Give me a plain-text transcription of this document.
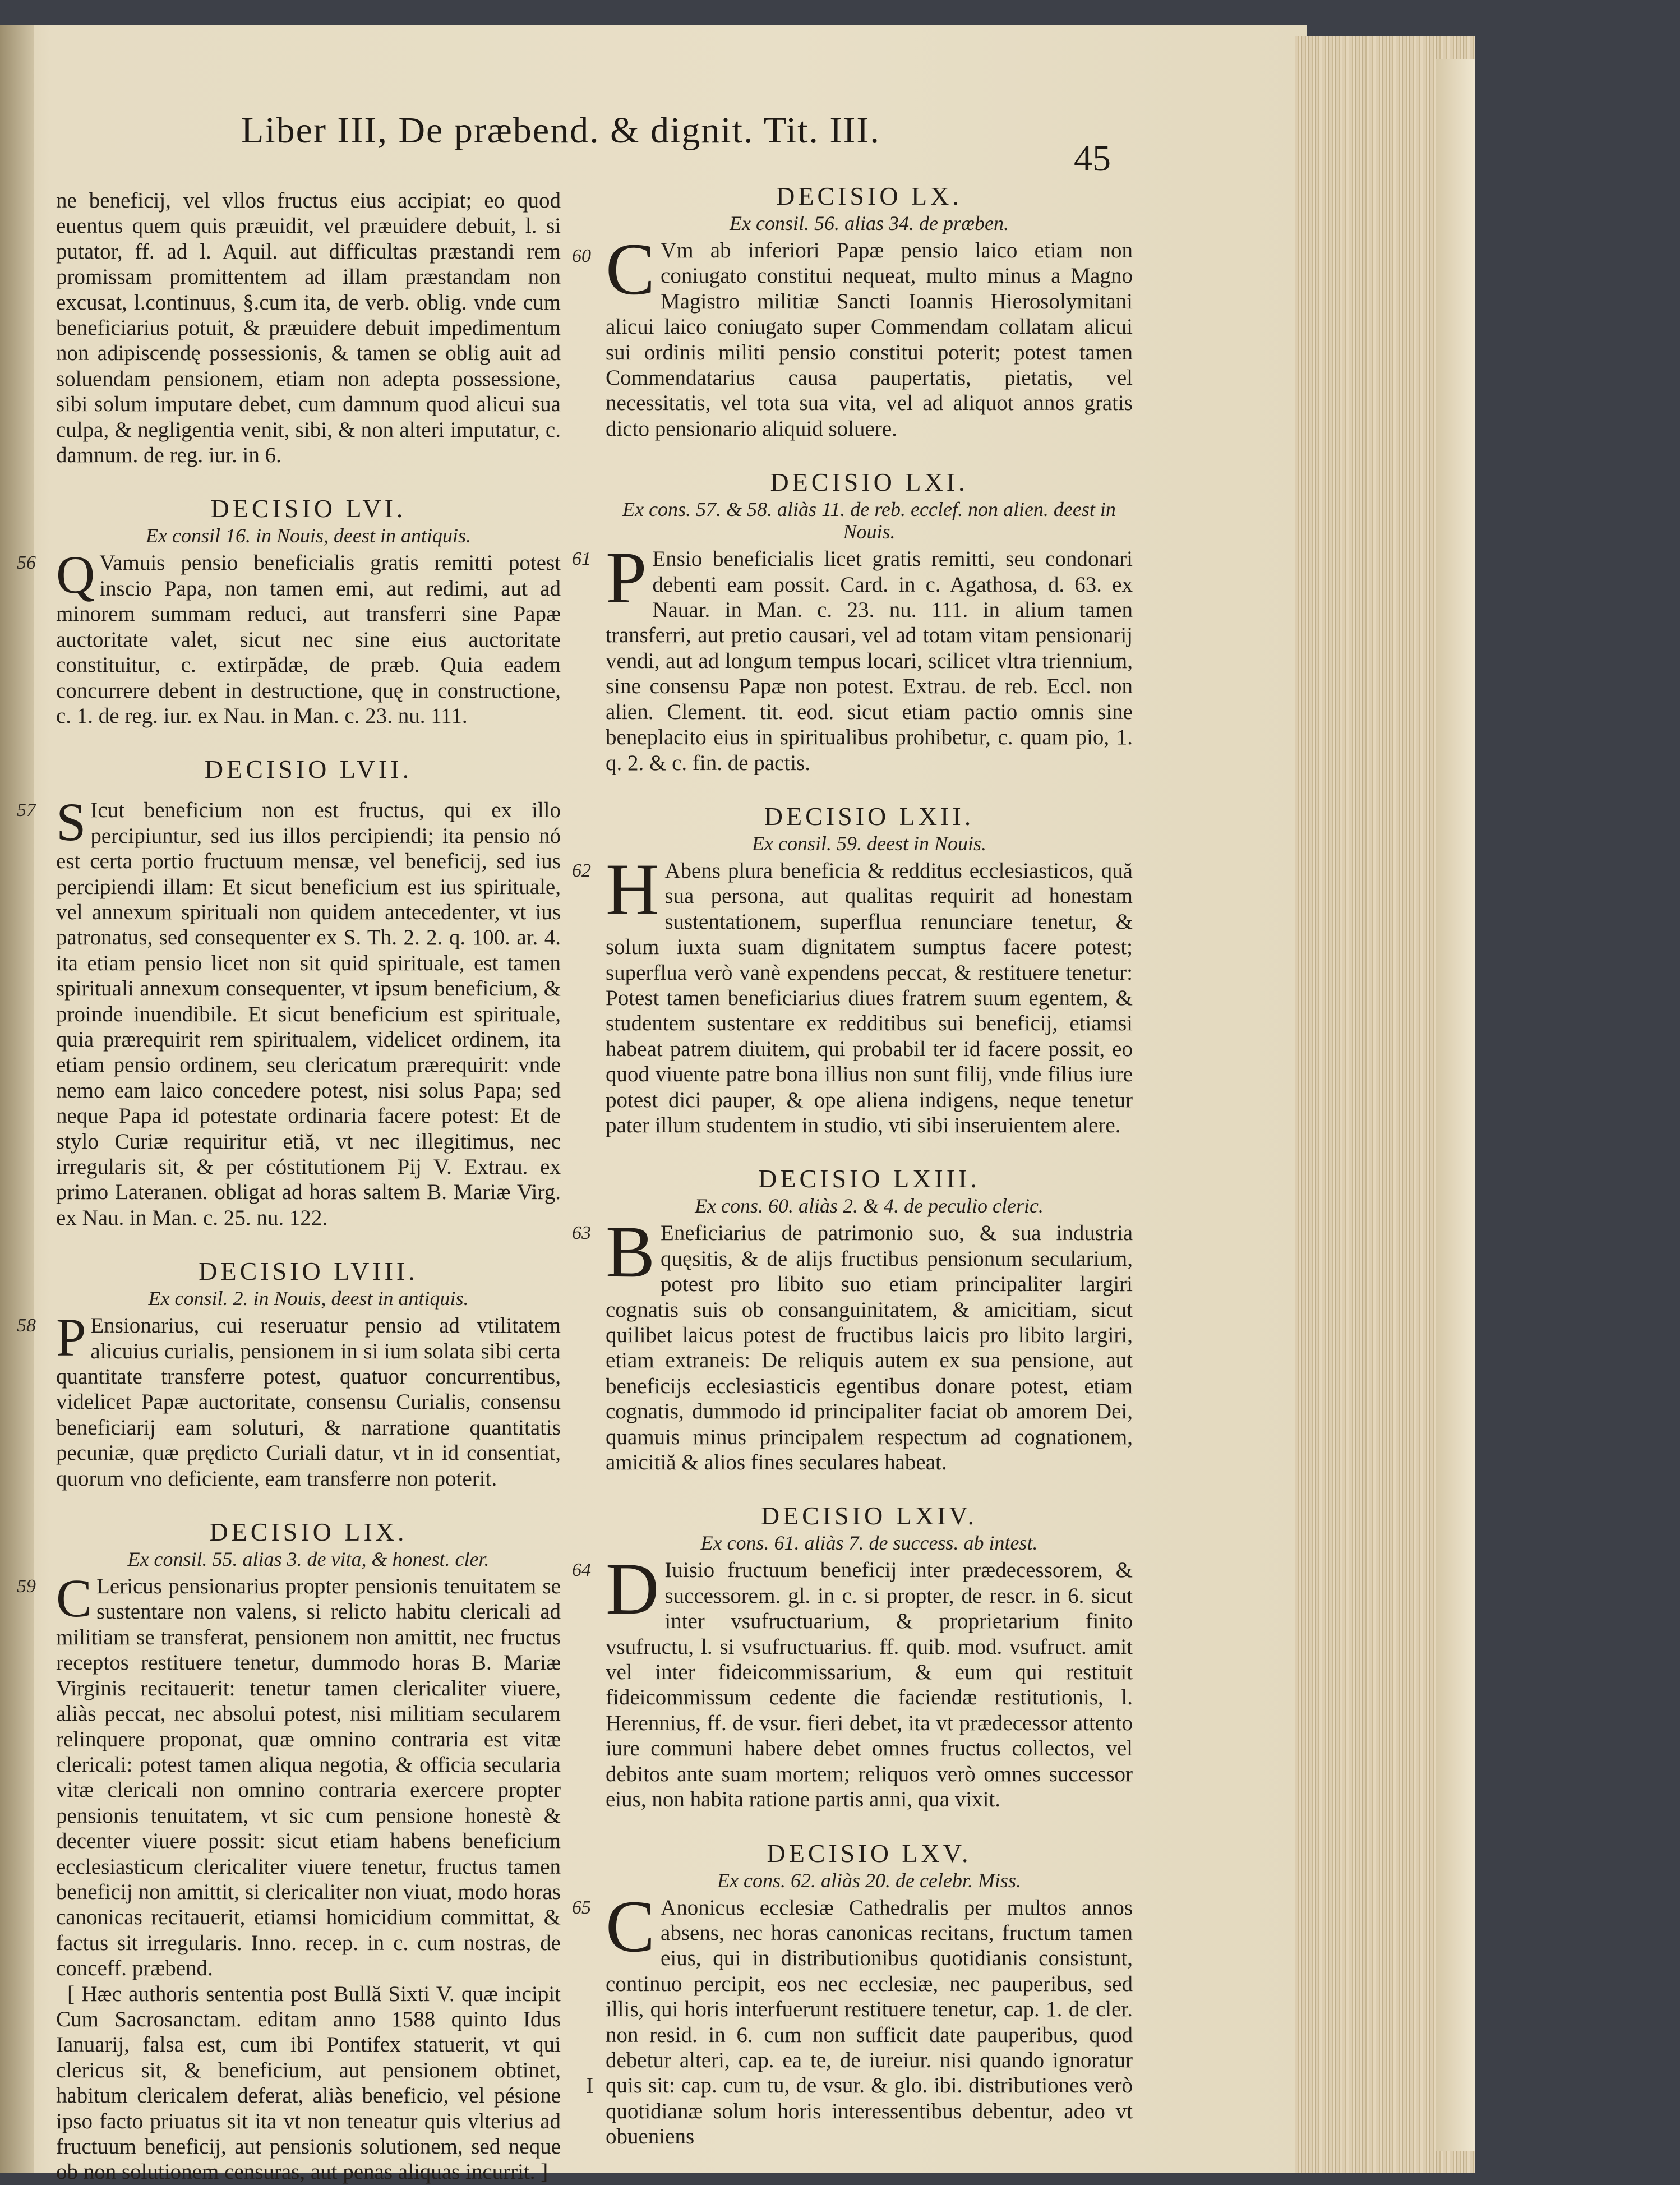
Liber III, De præbend. & dignit. Tit. III.
45

ne beneficij, vel vllos fructus eius accipiat; eo quod euentus quem quis præuidit, vel præuidere debuit, l. si putator, ff. ad l. Aquil. aut difficultas præstandi rem promissam promittentem ad illam præstandam non excusat, l.continuus, §.cum ita, de verb. oblig. vnde cum beneficiarius potuit, & præuidere debuit impedimentum non adipiscendę possessionis, & tamen se oblig auit ad soluendam pensionem, etiam non adepta possessione, sibi solum imputare debet, cum damnum quod alicui sua culpa, & negligentia venit, sibi, & non alteri imputatur, c. damnum. de reg. iur. in 6.

DECISIO LVI.
Ex consil 16. in Nouis, deest in antiquis.

56 Q Vamuis pensio beneficialis gratis remitti potest inscio Papa, non tamen emi, aut redimi, aut ad minorem summam reduci, aut transferri sine Papæ auctoritate valet, sicut nec sine eius auctoritate constituitur, c. extirpădæ, de præb. Quia eadem concurrere debent in destructione, quę in constructione, c. 1. de reg. iur. ex Nau. in Man. c. 23. nu. 111.

DECISIO LVII.

57 S Icut beneficium non est fructus, qui ex illo percipiuntur, sed ius illos percipiendi; ita pensio nó est certa portio fructuum mensæ, vel beneficij, sed ius percipiendi illam: Et sicut beneficium est ius spirituale, vel annexum spirituali non quidem antecedenter, vt ius patronatus, sed consequenter ex S. Th. 2. 2. q. 100. ar. 4. ita etiam pensio licet non sit quid spirituale, est tamen spirituali annexum consequenter, vt ipsum beneficium, & proinde inuendibile. Et sicut beneficium est spirituale, quia prærequirit rem spiritualem, videlicet ordinem, ita etiam pensio ordinem, seu clericatum prærequirit: vnde nemo eam laico concedere potest, nisi solus Papa; sed neque Papa id potestate ordinaria facere potest: Et de stylo Curiæ requiritur etiă, vt nec illegitimus, nec irregularis sit, & per cóstitutionem Pij V. Extrau. ex primo Lateranen. obligat ad horas saltem B. Mariæ Virg. ex Nau. in Man. c. 25. nu. 122.

DECISIO LVIII.
Ex consil. 2. in Nouis, deest in antiquis.

58 P Ensionarius, cui reseruatur pensio ad vtilitatem alicuius curialis, pensionem in si ium solata sibi certa quantitate transferre potest, quatuor concurrentibus, videlicet Papæ auctoritate, consensu Curialis, consensu beneficiarij eam soluturi, & narratione quantitatis pecuniæ, quæ prędicto Curiali datur, vt in id consentiat, quorum vno deficiente, eam transferre non poterit.

DECISIO LIX.
Ex consil. 55. alias 3. de vita, & honest. cler.

59 C Lericus pensionarius propter pensionis tenuitatem se sustentare non valens, si relicto habitu clericali ad militiam se transferat, pensionem non amittit, nec fructus receptos restituere tenetur, dummodo horas B. Mariæ Virginis recitauerit: tenetur tamen clericaliter viuere, aliàs peccat, nec absolui potest, nisi militiam secularem relinquere proponat, quæ omnino contraria est vitæ clericali: potest tamen aliqua negotia, & officia secularia vitæ clericali non omnino contraria exercere propter pensionis tenuitatem, vt sic cum pensione honestè & decenter viuere possit: sicut etiam habens beneficium ecclesiasticum clericaliter viuere tenetur, fructus tamen beneficij non amittit, si clericaliter non viuat, modo horas canonicas recitauerit, etiamsi homicidium committat, & factus sit irregularis. Inno. recep. in c. cum nostras, de conceff. præbend.

[ Hæc authoris sententia post Bullă Sixti V. quæ incipit Cum Sacrosanctam. editam anno 1588 quinto Idus Ianuarij, falsa est, cum ibi Pontifex statuerit, vt qui clericus sit, & beneficium, aut pensionem obtinet, habitum clericalem deferat, aliàs beneficio, vel pésione ipso facto priuatus sit ita vt non teneatur quis vlterius ad fructuum beneficij, aut pensionis solutionem, sed neque ob non solutionem censuras, aut penas aliquas incurrit. ]

DECISIO LX.
Ex consil. 56. alias 34. de præben.

60 C Vm ab inferiori Papæ pensio laico etiam non coniugato constitui nequeat, multo minus a Magno Magistro militiæ Sancti Ioannis Hierosolymitani alicui laico coniugato super Commendam collatam alicui sui ordinis militi pensio constitui poterit; potest tamen Commendatarius causa paupertatis, pietatis, vel necessitatis, vel tota sua vita, vel ad aliquot annos gratis dicto pensionario aliquid soluere.

DECISIO LXI.
Ex cons. 57. & 58. aliàs 11. de reb. ecclef. non alien. deest in Nouis.

61 P Ensio beneficialis licet gratis remitti, seu condonari debenti eam possit. Card. in c. Agathosa, d. 63. ex Nauar. in Man. c. 23. nu. 111. in alium tamen transferri, aut pretio causari, vel ad totam vitam pensionarij vendi, aut ad longum tempus locari, scilicet vltra triennium, sine consensu Papæ non potest. Extrau. de reb. Eccl. non alien. Clement. tit. eod. sicut etiam pactio omnis sine beneplacito eius in spiritualibus prohibetur, c. quam pio, 1. q. 2. & c. fin. de pactis.

DECISIO LXII.
Ex consil. 59. deest in Nouis.

62 H Abens plura beneficia & redditus ecclesiasticos, quă sua persona, aut qualitas requirit ad honestam sustentationem, superflua renunciare tenetur, & solum iuxta suam dignitatem sumptus facere potest; superflua verò vanè expendens peccat, & restituere tenetur: Potest tamen beneficiarius diues fratrem suum egentem, & studentem sustentare ex redditibus sui beneficij, etiamsi habeat patrem diuitem, qui probabil ter id facere possit, eo quod viuente patre bona illius non sunt filij, vnde filius iure potest dici pauper, & ope aliena indigens, neque tenetur pater illum studentem in studio, vti sibi inseruientem alere.

DECISIO LXIII.
Ex cons. 60. aliàs 2. & 4. de peculio cleric.

63 B Eneficiarius de patrimonio suo, & sua industria quęsitis, & de alijs fructibus pensionum secularium, potest pro libito suo etiam principaliter largiri cognatis suis ob consanguinitatem, & amicitiam, sicut quilibet laicus potest de fructibus laicis pro libito largiri, etiam extraneis: De reliquis autem ex sua pensione, aut beneficijs ecclesiasticis egentibus donare potest, etiam cognatis, dummodo id principaliter faciat ob amorem Dei, quamuis minus principalem respectum ad cognationem, amicitiă & alios fines seculares habeat.

DECISIO LXIV.
Ex cons. 61. aliàs 7. de success. ab intest.

64 D Iuisio fructuum beneficij inter prædecessorem, & successorem. gl. in c. si propter, de rescr. in 6. sicut inter vsufructuarium, & proprietarium finito vsufructu, l. si vsufructuarius. ff. quib. mod. vsufruct. amit vel inter fideicommissarium, & eum qui restituit fideicommissum cedente die faciendæ restitutionis, l. Herennius, ff. de vsur. fieri debet, ita vt prædecessor attento iure communi habere debet omnes fructus collectos, vel debitos ante suam mortem; reliquos verò omnes successor eius, non habita ratione partis anni, qua vixit.

DECISIO LXV.
Ex cons. 62. aliàs 20. de celebr. Miss.

65 C Anonicus ecclesiæ Cathedralis per multos annos absens, nec horas canonicas recitans, fructum tamen eius, qui in distributionibus quotidianis consistunt, continuo percipit, eos nec ecclesiæ, nec pauperibus, sed illis, qui horis interfuerunt restituere tenetur, cap. 1. de cler. non resid. in 6. cum non sufficit date pauperibus, quod debetur alteri, cap. ea te, de iureiur. nisi quando ignoratur quis sit: cap. cum tu, de vsur. & glo. ibi. distributiones verò quotidianæ solum horis interessentibus debentur, adeo vt obueniens

I
